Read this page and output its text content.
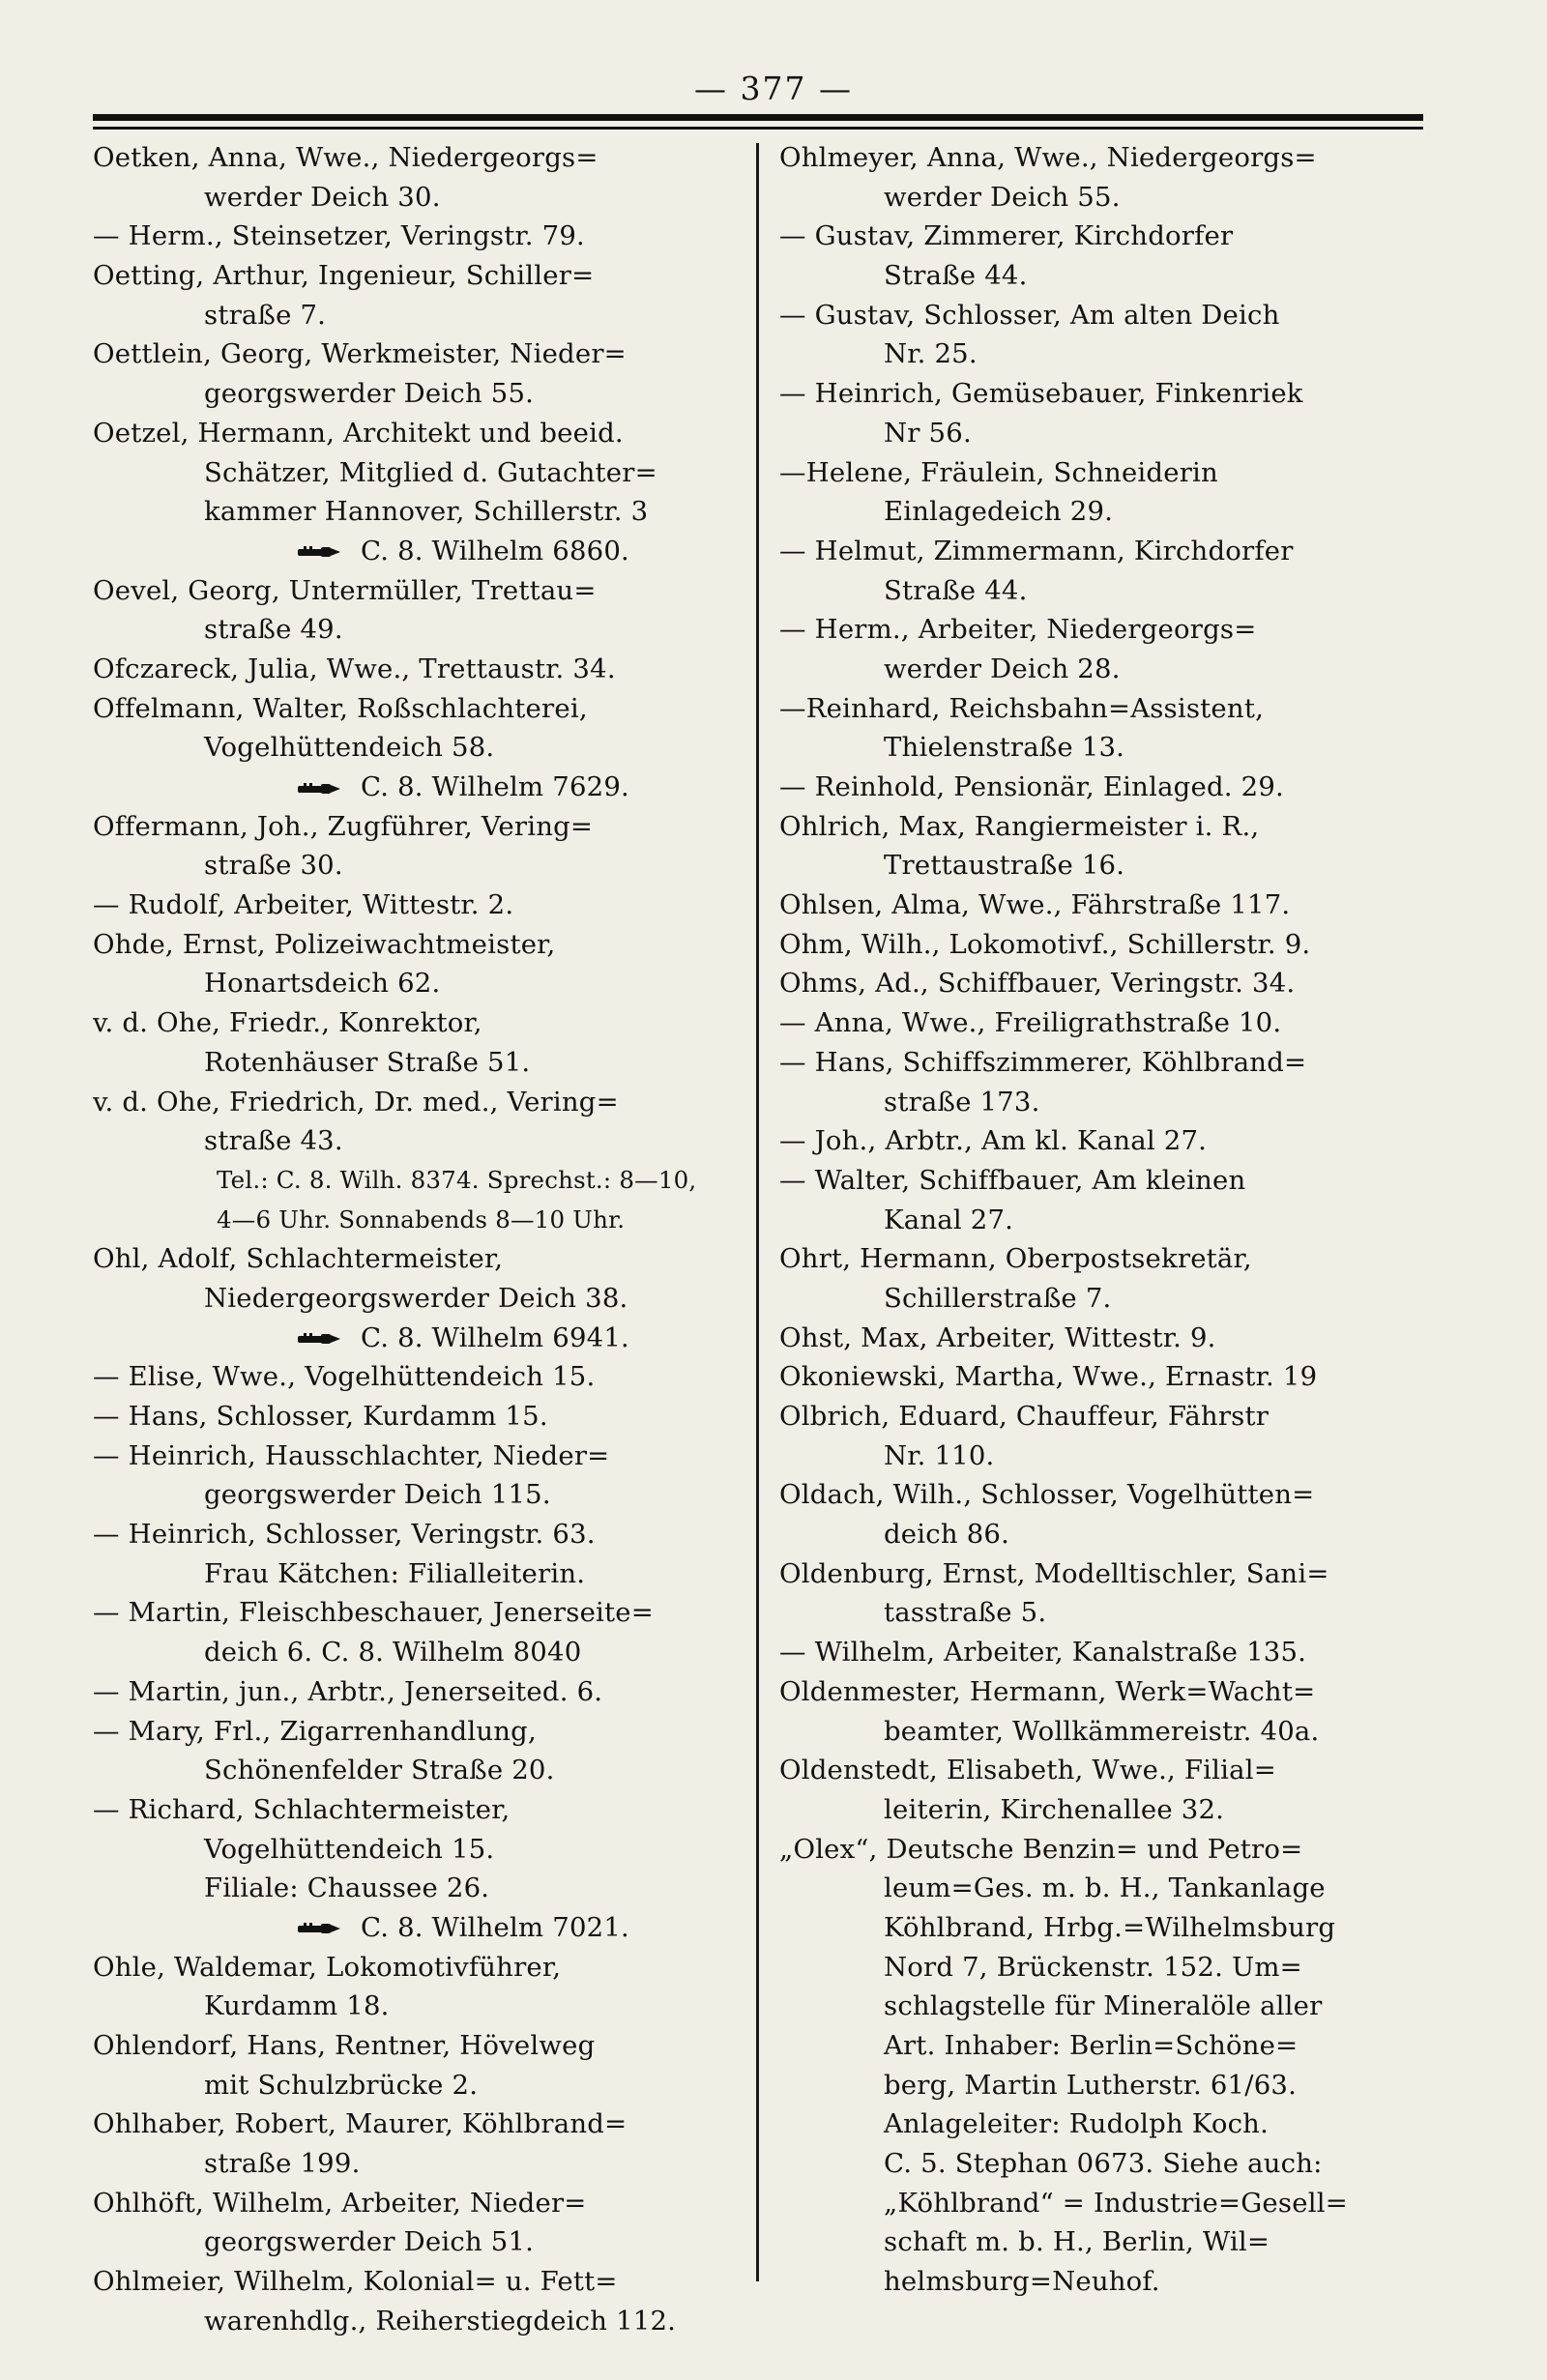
— 377 —
Oetken, Anna, Wwe., Niedergeorgs=
werder Deich 30.
— Herm., Steinsetzer, Veringstr. 79.
Oetting, Arthur, Ingenieur, Schiller=
straße 7.
Oettlein, Georg, Werkmeister, Nieder=
georgswerder Deich 55.
Oetzel, Hermann, Architekt und beeid.
Schätzer, Mitglied d. Gutachter=
kammer Hannover, Schillerstr. 3
C. 8. Wilhelm 6860.
Oevel, Georg, Untermüller, Trettau=
straße 49.
Ofczareck, Julia, Wwe., Trettaustr. 34.
Offelmann, Walter, Roßschlachterei,
Vogelhüttendeich 58.
C. 8. Wilhelm 7629.
Offermann, Joh., Zugführer, Vering=
straße 30.
— Rudolf, Arbeiter, Wittestr. 2.
Ohde, Ernst, Polizeiwachtmeister,
Honartsdeich 62.
v. d. Ohe, Friedr., Konrektor,
Rotenhäuser Straße 51.
v. d. Ohe, Friedrich, Dr. med., Vering=
straße 43.
Tel.: C. 8. Wilh. 8374. Sprechst.: 8—10,
4—6 Uhr. Sonnabends 8—10 Uhr.
Ohl, Adolf, Schlachtermeister,
Niedergeorgswerder Deich 38.
C. 8. Wilhelm 6941.
— Elise, Wwe., Vogelhüttendeich 15.
— Hans, Schlosser, Kurdamm 15.
— Heinrich, Hausschlachter, Nieder=
georgswerder Deich 115.
— Heinrich, Schlosser, Veringstr. 63.
Frau Kätchen: Filialleiterin.
— Martin, Fleischbeschauer, Jenerseite=
deich 6. C. 8. Wilhelm 8040
— Martin, jun., Arbtr., Jenerseited. 6.
— Mary, Frl., Zigarrenhandlung,
Schönenfelder Straße 20.
— Richard, Schlachtermeister,
Vogelhüttendeich 15.
Filiale: Chaussee 26.
C. 8. Wilhelm 7021.
Ohle, Waldemar, Lokomotivführer,
Kurdamm 18.
Ohlendorf, Hans, Rentner, Hövelweg
mit Schulzbrücke 2.
Ohlhaber, Robert, Maurer, Köhlbrand=
straße 199.
Ohlhöft, Wilhelm, Arbeiter, Nieder=
georgswerder Deich 51.
Ohlmeier, Wilhelm, Kolonial= u. Fett=
warenhdlg., Reiherstiegdeich 112.
Ohlmeyer, Anna, Wwe., Niedergeorgs=
werder Deich 55.
— Gustav, Zimmerer, Kirchdorfer
Straße 44.
— Gustav, Schlosser, Am alten Deich
Nr. 25.
— Heinrich, Gemüsebauer, Finkenriek
Nr 56.
—Helene, Fräulein, Schneiderin
Einlagedeich 29.
— Helmut, Zimmermann, Kirchdorfer
Straße 44.
— Herm., Arbeiter, Niedergeorgs=
werder Deich 28.
—Reinhard, Reichsbahn=Assistent,
Thielenstraße 13.
— Reinhold, Pensionär, Einlaged. 29.
Ohlrich, Max, Rangiermeister i. R.,
Trettaustraße 16.
Ohlsen, Alma, Wwe., Fährstraße 117.
Ohm, Wilh., Lokomotivf., Schillerstr. 9.
Ohms, Ad., Schiffbauer, Veringstr. 34.
— Anna, Wwe., Freiligrathstraße 10.
— Hans, Schiffszimmerer, Köhlbrand=
straße 173.
— Joh., Arbtr., Am kl. Kanal 27.
— Walter, Schiffbauer, Am kleinen
Kanal 27.
Ohrt, Hermann, Oberpostsekretär,
Schillerstraße 7.
Ohst, Max, Arbeiter, Wittestr. 9.
Okoniewski, Martha, Wwe., Ernastr. 19
Olbrich, Eduard, Chauffeur, Fährstr
Nr. 110.
Oldach, Wilh., Schlosser, Vogelhütten=
deich 86.
Oldenburg, Ernst, Modelltischler, Sani=
tasstraße 5.
— Wilhelm, Arbeiter, Kanalstraße 135.
Oldenmester, Hermann, Werk=Wacht=
beamter, Wollkämmereistr. 40a.
Oldenstedt, Elisabeth, Wwe., Filial=
leiterin, Kirchenallee 32.
„Olex“, Deutsche Benzin= und Petro=
leum=Ges. m. b. H., Tankanlage
Köhlbrand, Hrbg.=Wilhelmsburg
Nord 7, Brückenstr. 152. Um=
schlagstelle für Mineralöle aller
Art. Inhaber: Berlin=Schöne=
berg, Martin Lutherstr. 61/63.
Anlageleiter: Rudolph Koch.
C. 5. Stephan 0673. Siehe auch:
„Köhlbrand“ = Industrie=Gesell=
schaft m. b. H., Berlin, Wil=
helmsburg=Neuhof.
